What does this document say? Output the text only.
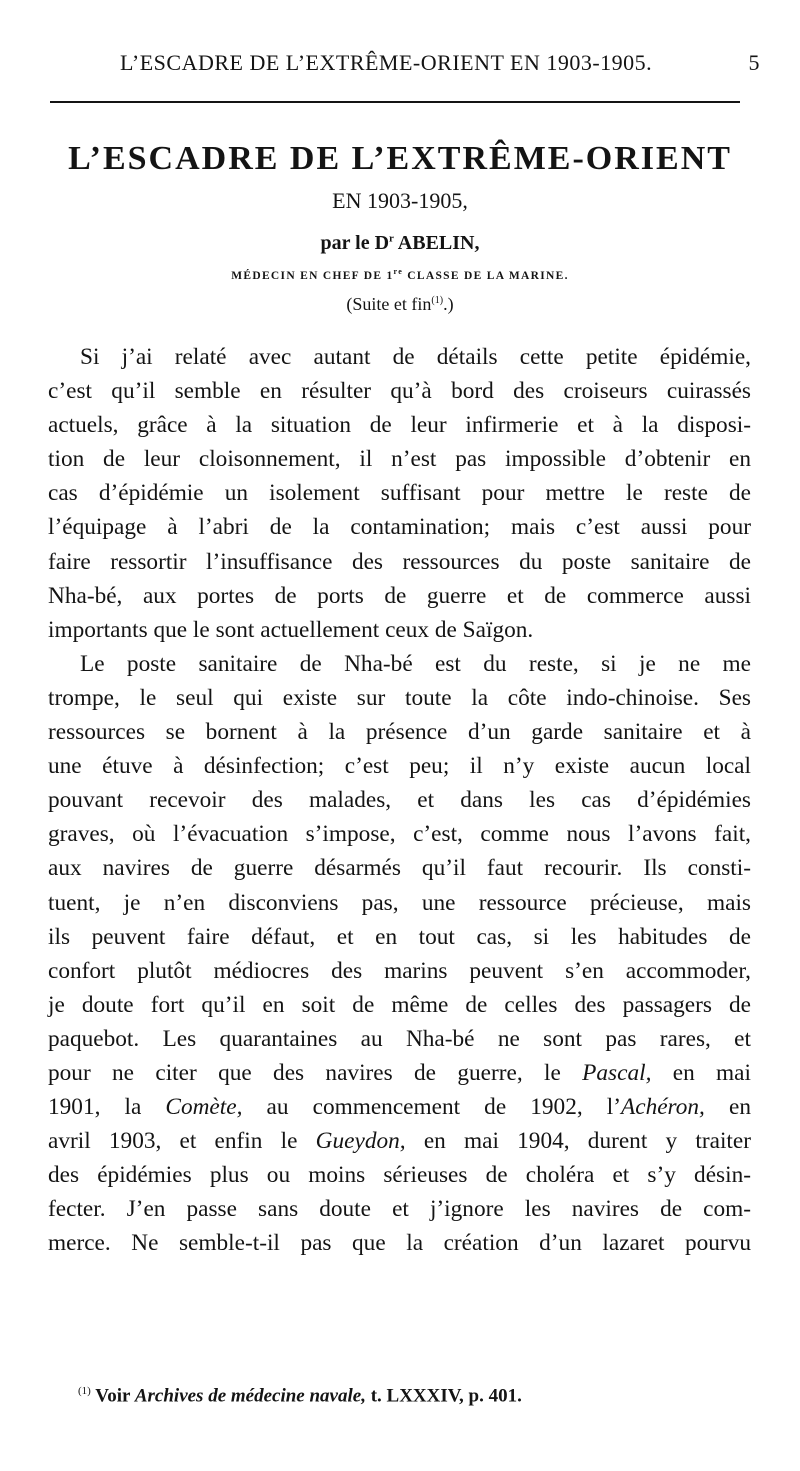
L’ESCADRE DE L’EXTRÊME-ORIENT EN 1903-1905.	5
L’ESCADRE DE L’EXTRÊME-ORIENT
EN 1903-1905,
par le $D^r$ ABELIN,
MÉDECIN EN CHEF DE 1re CLASSE DE LA MARINE.
(Suite et fin$^{(1)}$.)
Si j’ai relaté avec autant de détails cette petite épidémie,
c’est qu’il semble en résulter qu’à bord des croiseurs cuirassés
actuels, grâce à la situation de leur infirmerie et à la disposi-
tion de leur cloisonnement, il n’est pas impossible d’obtenir en
cas d’épidémie un isolement suffisant pour mettre le reste de
l’équipage à l’abri de la contamination; mais c’est aussi pour
faire ressortir l’insuffisance des ressources du poste sanitaire de
Nha-bé, aux portes de ports de guerre et de commerce aussi
importants que le sont actuellement ceux de Saïgon.
Le poste sanitaire de Nha-bé est du reste, si je ne me
trompe, le seul qui existe sur toute la côte indo-chinoise. Ses
ressources se bornent à la présence d’un garde sanitaire et à
une étuve à désinfection; c’est peu; il n’y existe aucun local
pouvant recevoir des malades, et dans les cas d’épidémies
graves, où l’évacuation s’impose, c’est, comme nous l’avons fait,
aux navires de guerre désarmés qu’il faut recourir. Ils consti-
tuent, je n’en disconviens pas, une ressource précieuse, mais
ils peuvent faire défaut, et en tout cas, si les habitudes de
confort plutôt médiocres des marins peuvent s’en accommoder,
je doute fort qu’il en soit de même de celles des passagers de
paquebot. Les quarantaines au Nha-bé ne sont pas rares, et
pour ne citer que des navires de guerre, le Pascal, en mai
1901, la Comète, au commencement de 1902, l’Achéron, en
avril 1903, et enfin le Gueydon, en mai 1904, durent y traiter
des épidémies plus ou moins sérieuses de choléra et s’y désin-
fecter. J’en passe sans doute et j’ignore les navires de com-
merce. Ne semble-t-il pas que la création d’un lazaret pourvu
$^{(1)}$ Voir Archives de médecine navale, t. LXXXIV, p. 401.
